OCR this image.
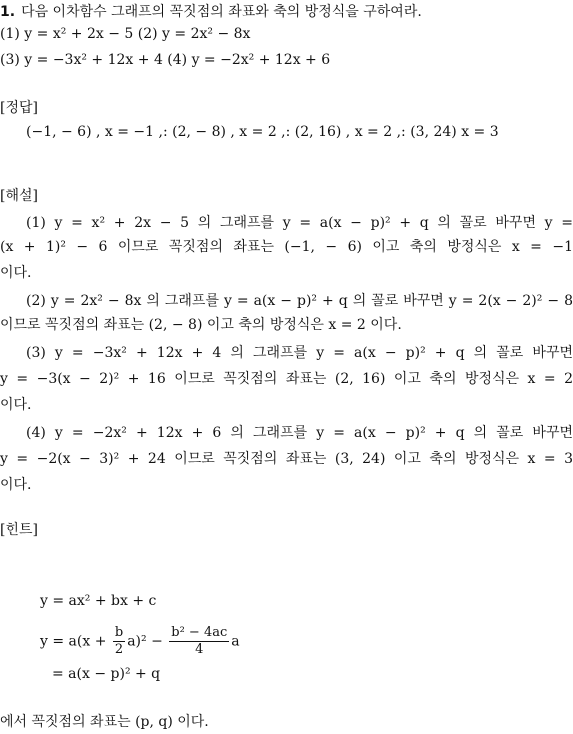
1. 다음 이차함수 그래프의 꼭짓점의 좌표와 축의 방정식을 구하여라.
(1) y = x² + 2x − 5 (2) y = 2x² − 8x
(3) y = −3x² + 12x + 4 (4) y = −2x² + 12x + 6
[정답]
(−1, − 6) , x = −1 ,: (2, − 8) , x = 2 ,: (2, 16) , x = 2 ,: (3, 24) x = 3
[해설]
(1) y = x² + 2x − 5 의 그래프를 y = a(x − p)² + q 의 꼴로 바꾸면 y =
(x + 1)² − 6 이므로 꼭짓점의 좌표는 (−1, − 6) 이고 축의 방정식은 x = −1
이다.
(2) y = 2x² − 8x 의 그래프를 y = a(x − p)² + q 의 꼴로 바꾸면 y = 2(x − 2)² − 8
이므로 꼭짓점의 좌표는 (2, − 8) 이고 축의 방정식은 x = 2 이다.
(3) y = −3x² + 12x + 4 의 그래프를 y = a(x − p)² + q 의 꼴로 바꾸면
y = −3(x − 2)² + 16 이므로 꼭짓점의 좌표는 (2, 16) 이고 축의 방정식은 x = 2
이다.
(4) y = −2x² + 12x + 6 의 그래프를 y = a(x − p)² + q 의 꼴로 바꾸면
y = −2(x − 3)² + 24 이므로 꼭짓점의 좌표는 (3, 24) 이고 축의 방정식은 x = 3
이다.
[힌트]
y = ax² + bx + c
$y = a(x + \frac{b}{2} a)^2 - \frac{\text{b² − 4ac}}{4}$ a
= a(x − p)² + q
에서 꼭짓점의 좌표는 (p, q) 이다.
